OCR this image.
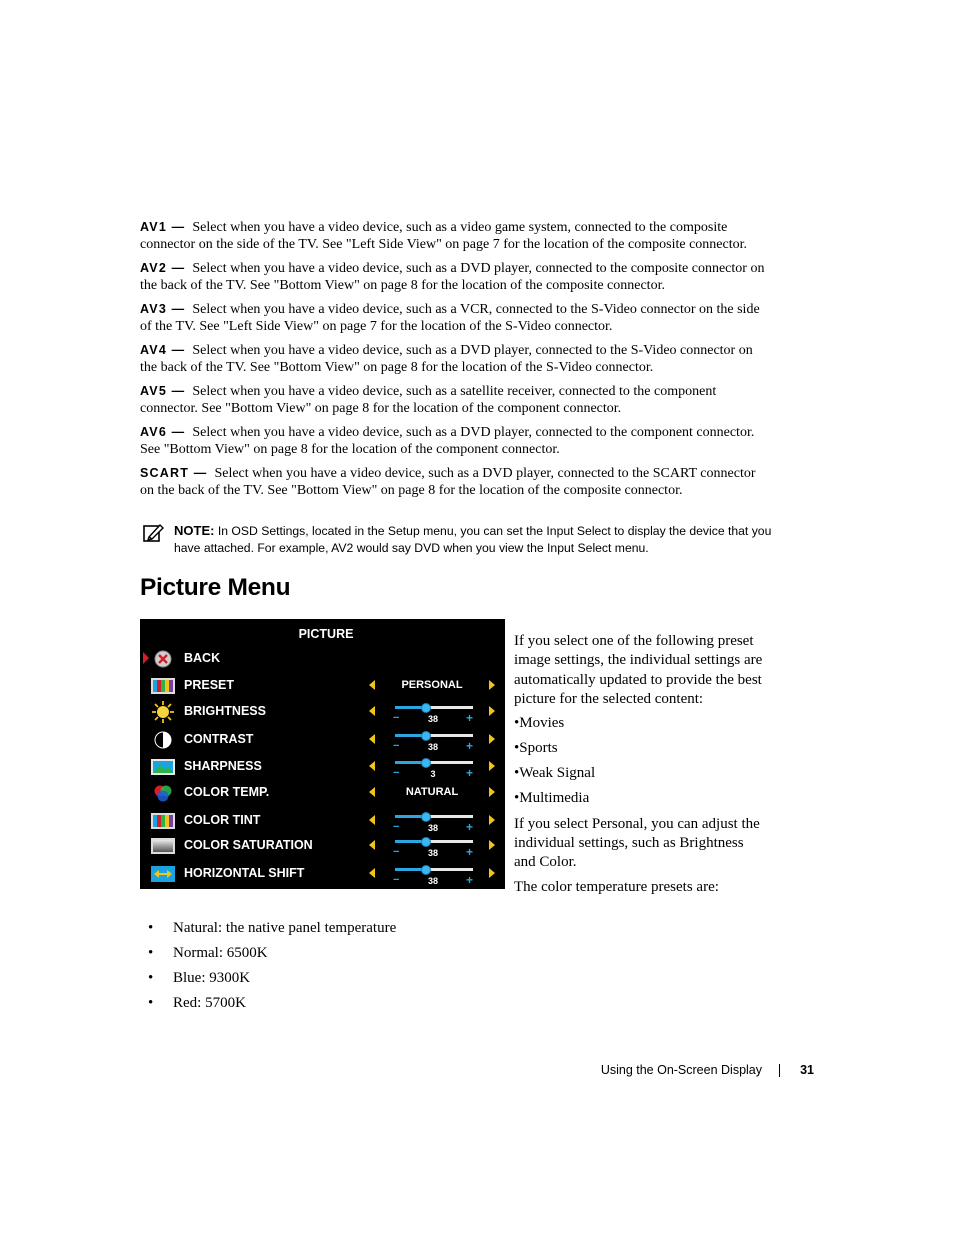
AV1 —  Select when you have a video device, such as a video game system, connected to the composite connector on the side of the TV. See "Left Side View" on page 7 for the location of the composite connector.

AV2 —  Select when you have a video device, such as a DVD player, connected to the composite connector on the back of the TV. See "Bottom View" on page 8 for the location of the composite connector.

AV3 —  Select when you have a video device, such as a VCR, connected to the S-Video connector on the side of the TV. See "Left Side View" on page 7 for the location of the S-Video connector.

AV4 —  Select when you have a video device, such as a DVD player, connected to the S-Video connector on the back of the TV. See "Bottom View" on page 8 for the location of the S-Video connector.

AV5 —  Select when you have a video device, such as a satellite receiver, connected to the component connector. See "Bottom View" on page 8 for the location of the component connector.

AV6 —  Select when you have a video device, such as a DVD player, connected to the component connector. See "Bottom View" on page 8 for the location of the component connector.

SCART —  Select when you have a video device, such as a DVD player, connected to the SCART connector on the back of the TV. See "Bottom View" on page 8 for the location of the composite connector.

NOTE: In OSD Settings, located in the Setup menu, you can set the Input Select to display the device that you have attached. For example, AV2 would say DVD when you view the Input Select menu.
Picture Menu
PICTURE
BACK
PRESET	PERSONAL
BRIGHTNESS	−	38	+
CONTRAST	−	38	+
SHARPNESS	−	3	+
COLOR TEMP.	NATURAL
COLOR TINT	−	38	+
COLOR SATURATION	−	38	+
HORIZONTAL SHIFT	−	38	+

If you select one of the following preset image settings, the individual settings are automatically updated to provide the best picture for the selected content:

•Movies

•Sports

•Weak Signal

•Multimedia

If you select Personal, you can adjust the individual settings, such as Brightness and Color.

The color temperature presets are:

• Natural: the native panel temperature
• Normal: 6500K
• Blue: 9300K
• Red: 5700K
Using the On-Screen Display	31
